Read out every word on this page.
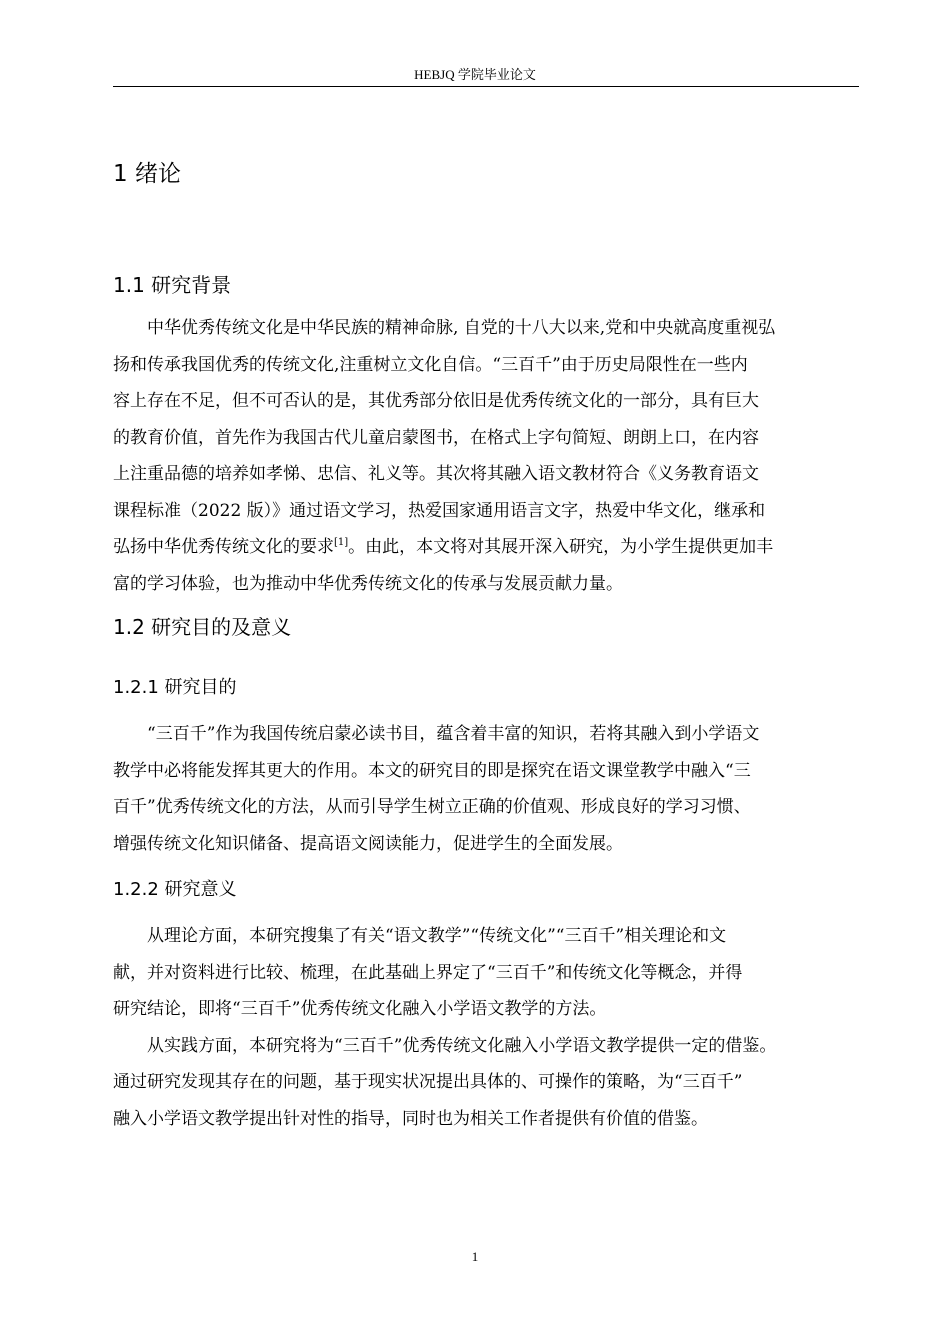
HEBJQ 学院毕业论文
1 绪论
1.1 研究背景
中华优秀传统文化是中华民族的精神命脉, 自党的十八大以来,党和中央就高度重视弘
扬和传承我国优秀的传统文化,注重树立文化自信。“三百千”由于历史局限性在一些内
容上存在不足，但不可否认的是，其优秀部分依旧是优秀传统文化的一部分，具有巨大
的教育价值，首先作为我国古代儿童启蒙图书，在格式上字句简短、朗朗上口，在内容
上注重品德的培养如孝悌、忠信、礼义等。其次将其融入语文教材符合《义务教育语文
课程标准（2022 版）》通过语文学习，热爱国家通用语言文字，热爱中华文化，继承和
弘扬中华优秀传统文化的要求[1]。由此，本文将对其展开深入研究，为小学生提供更加丰
富的学习体验，也为推动中华优秀传统文化的传承与发展贡献力量。
1.2 研究目的及意义
1.2.1 研究目的
“三百千”作为我国传统启蒙必读书目，蕴含着丰富的知识，若将其融入到小学语文
教学中必将能发挥其更大的作用。本文的研究目的即是探究在语文课堂教学中融入“三
百千”优秀传统文化的方法，从而引导学生树立正确的价值观、形成良好的学习习惯、
增强传统文化知识储备、提高语文阅读能力，促进学生的全面发展。
1.2.2 研究意义
从理论方面，本研究搜集了有关“语文教学”“传统文化”“三百千”相关理论和文
献，并对资料进行比较、梳理，在此基础上界定了“三百千”和传统文化等概念，并得
研究结论，即将“三百千”优秀传统文化融入小学语文教学的方法。
从实践方面，本研究将为“三百千”优秀传统文化融入小学语文教学提供一定的借鉴。
通过研究发现其存在的问题，基于现实状况提出具体的、可操作的策略，为“三百千”
融入小学语文教学提出针对性的指导，同时也为相关工作者提供有价值的借鉴。
1
